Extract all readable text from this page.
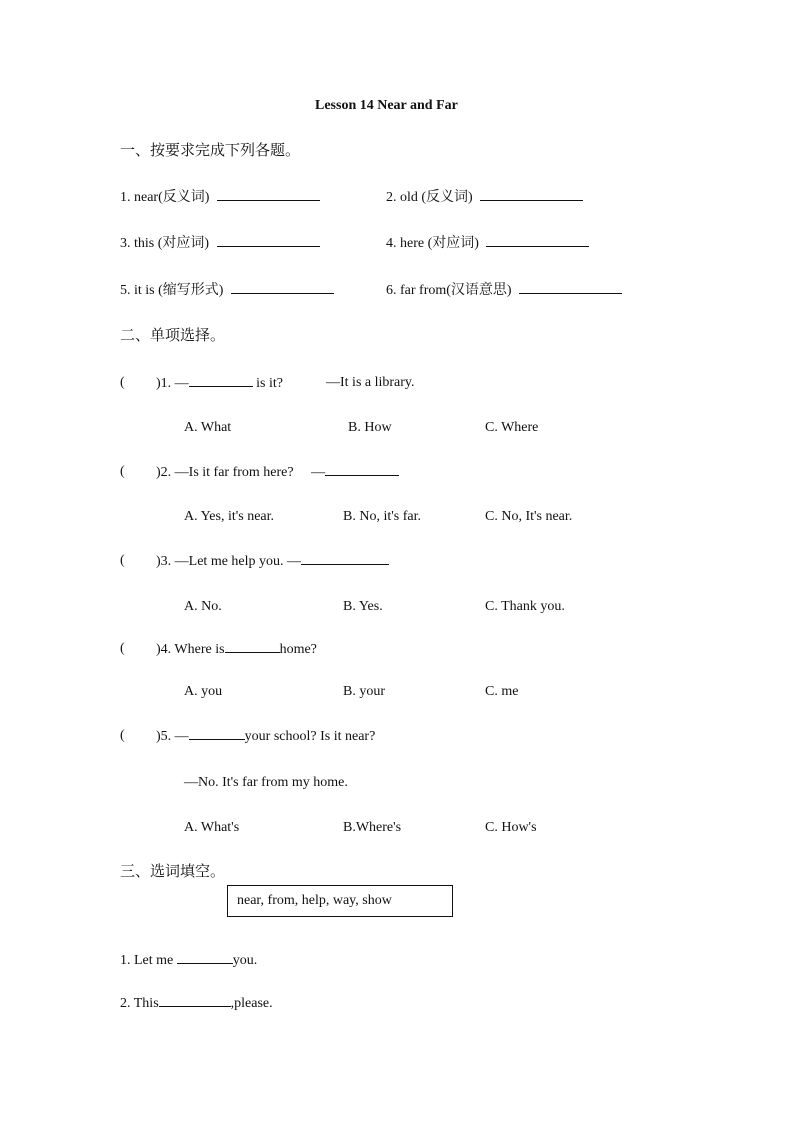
Lesson 14 Near and Far
一、按要求完成下列各题。
1. near(反义词)	2. old (反义词)
3. this (对应词)	4. here (对应词)
5. it is (缩写形式)	6. far from(汉语意思)
二、单项选择。
( )1. —	is it?	—It is a library.
A. What	B. How	C. Where
( )2. —Is it far from here? —
A. Yes, it's near.	B. No, it's far.	C. No, It's near.
( )3. —Let me help you. —
A. No.	B. Yes.	C. Thank you.
( )4. Where is	home?
A. you	B. your	C. me
( )5. —	your school? Is it near?
—No. It's far from my home.
A. What's	B.Where's	C. How's
三、选词填空。
near, from, help, way, show
1. Let me	you.
2. This	,please.
